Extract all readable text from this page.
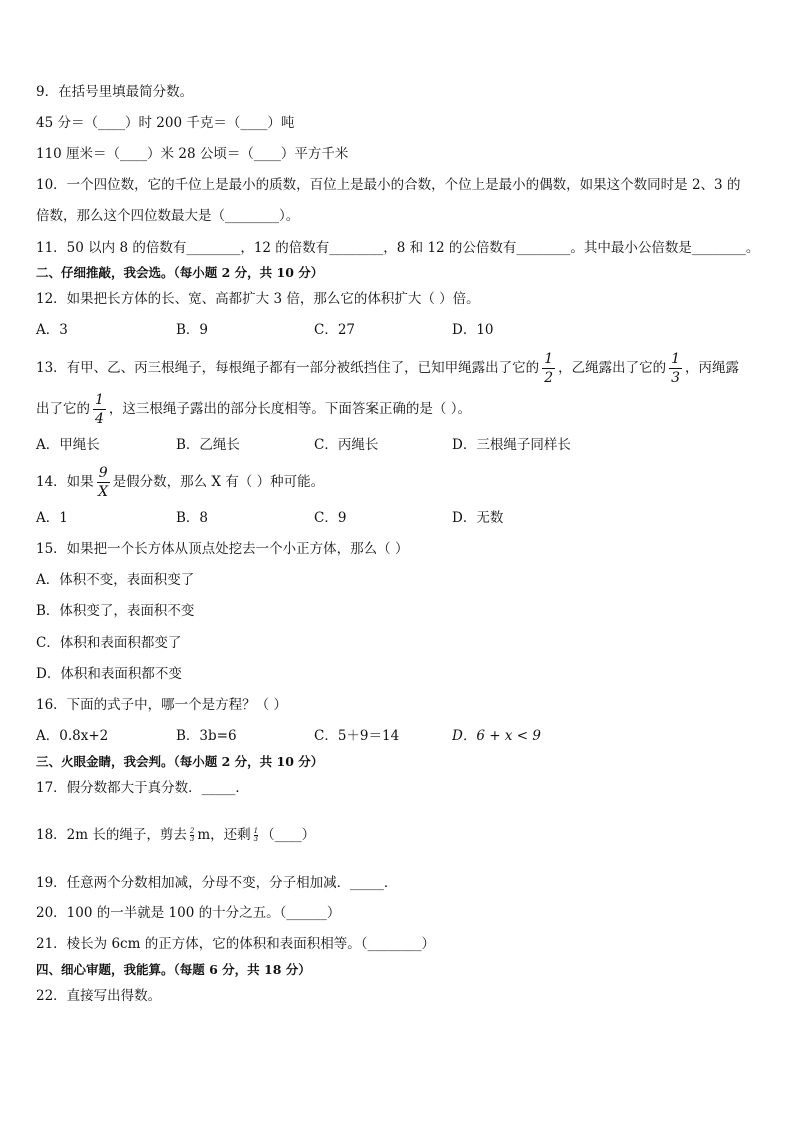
9．在括号里填最简分数。
45 分＝（____）时 200 千克＝（____）吨
110 厘米＝（____）米 28 公顷＝（____）平方千米
10．一个四位数，它的千位上是最小的质数，百位上是最小的合数，个位上是最小的偶数，如果这个数同时是 2、3 的
倍数，那么这个四位数最大是（________）。
11．50 以内 8 的倍数有________，12 的倍数有________，8 和 12 的公倍数有________。其中最小公倍数是________。
二、仔细推敲，我会选。（每小题 2 分，共 10 分）
12．如果把长方体的长、宽、高都扩大 3 倍，那么它的体积扩大（ ）倍。
A．3	B．9	C．27	D．10
13．有甲、乙、丙三根绳子，每根绳子都有一部分被纸挡住了，已知甲绳露出了它的 $\frac{1}{2}$ ，乙绳露出了它的 $\frac{1}{3}$ ，丙绳露
出了它的 $\frac{1}{4}$ ，这三根绳子露出的部分长度相等。下面答案正确的是（ ）。
A．甲绳长	B．乙绳长	C．丙绳长	D．三根绳子同样长
14．如果 $\frac{9}{X}$ 是假分数，那么 X 有（ ）种可能。
A．1	B．8	C．9	D．无数
15．如果把一个长方体从顶点处挖去一个小正方体，那么（ ）
A．体积不变，表面积变了
B．体积变了，表面积不变
C．体积和表面积都变了
D．体积和表面积都不变
16．下面的式子中，哪一个是方程？（ ）
A．0.8x+2	B．3b=6	C．5＋9＝14	D．6 + x < 9
三、火眼金睛，我会判。（每小题 2 分，共 10 分）
17．假分数都大于真分数．_____．
18．2m 长的绳子，剪去 $\frac{2}{3}$ m，还剩 $\frac{1}{3}$ （____）
19．任意两个分数相加减，分母不变，分子相加减．_____．
20．100 的一半就是 100 的十分之五。（______）
21．棱长为 6cm 的正方体，它的体积和表面积相等。（________）
四、细心审题，我能算。（每题 6 分，共 18 分）
22．直接写出得数。
